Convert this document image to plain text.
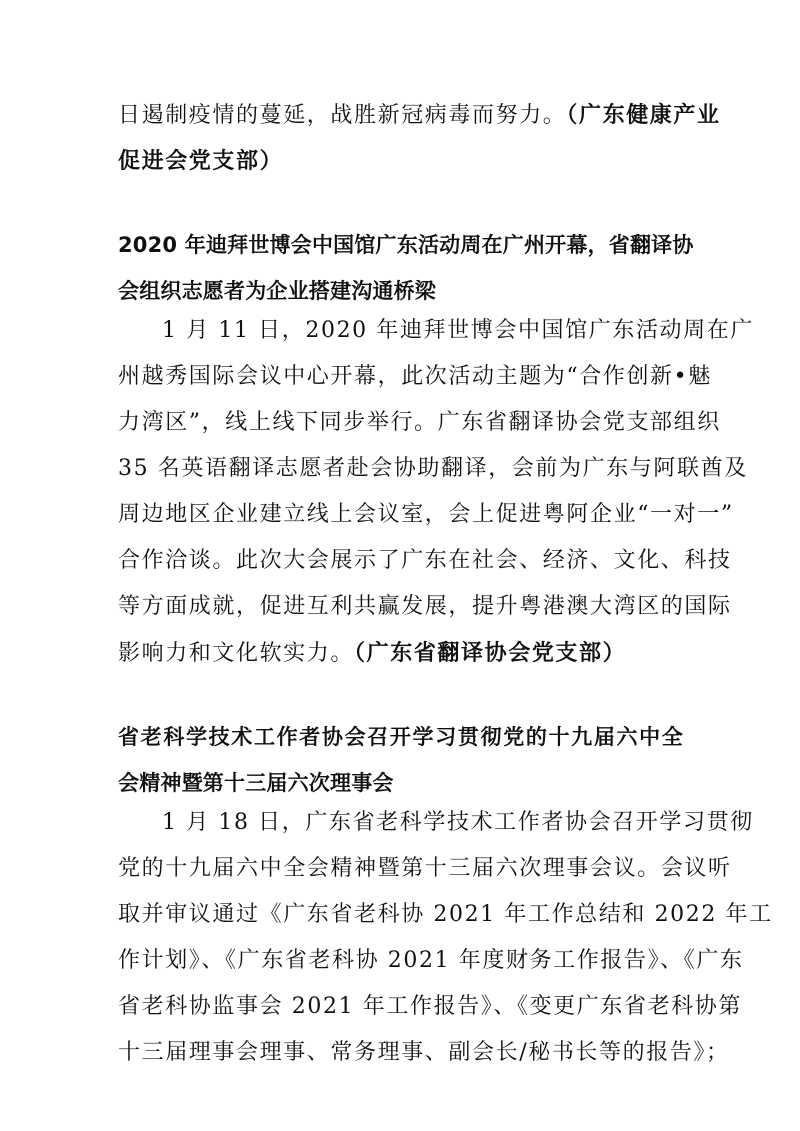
日遏制疫情的蔓延，战胜新冠病毒而努力。（广东健康产业
促进会党支部）
2020 年迪拜世博会中国馆广东活动周在广州开幕，省翻译协
会组织志愿者为企业搭建沟通桥梁
1 月 11 日，2020 年迪拜世博会中国馆广东活动周在广
州越秀国际会议中心开幕，此次活动主题为“合作创新•魅
力湾区”，线上线下同步举行。广东省翻译协会党支部组织
35 名英语翻译志愿者赴会协助翻译，会前为广东与阿联酋及
周边地区企业建立线上会议室，会上促进粤阿企业“一对一”
合作洽谈。此次大会展示了广东在社会、经济、文化、科技
等方面成就，促进互利共赢发展，提升粤港澳大湾区的国际
影响力和文化软实力。（广东省翻译协会党支部）
省老科学技术工作者协会召开学习贯彻党的十九届六中全
会精神暨第十三届六次理事会
1 月 18 日，广东省老科学技术工作者协会召开学习贯彻
党的十九届六中全会精神暨第十三届六次理事会议。会议听
取并审议通过《广东省老科协 2021 年工作总结和 2022 年工
作计划》、《广东省老科协 2021 年度财务工作报告》、《广东
省老科协监事会 2021 年工作报告》、《变更广东省老科协第
十三届理事会理事、常务理事、副会长/秘书长等的报告》；
